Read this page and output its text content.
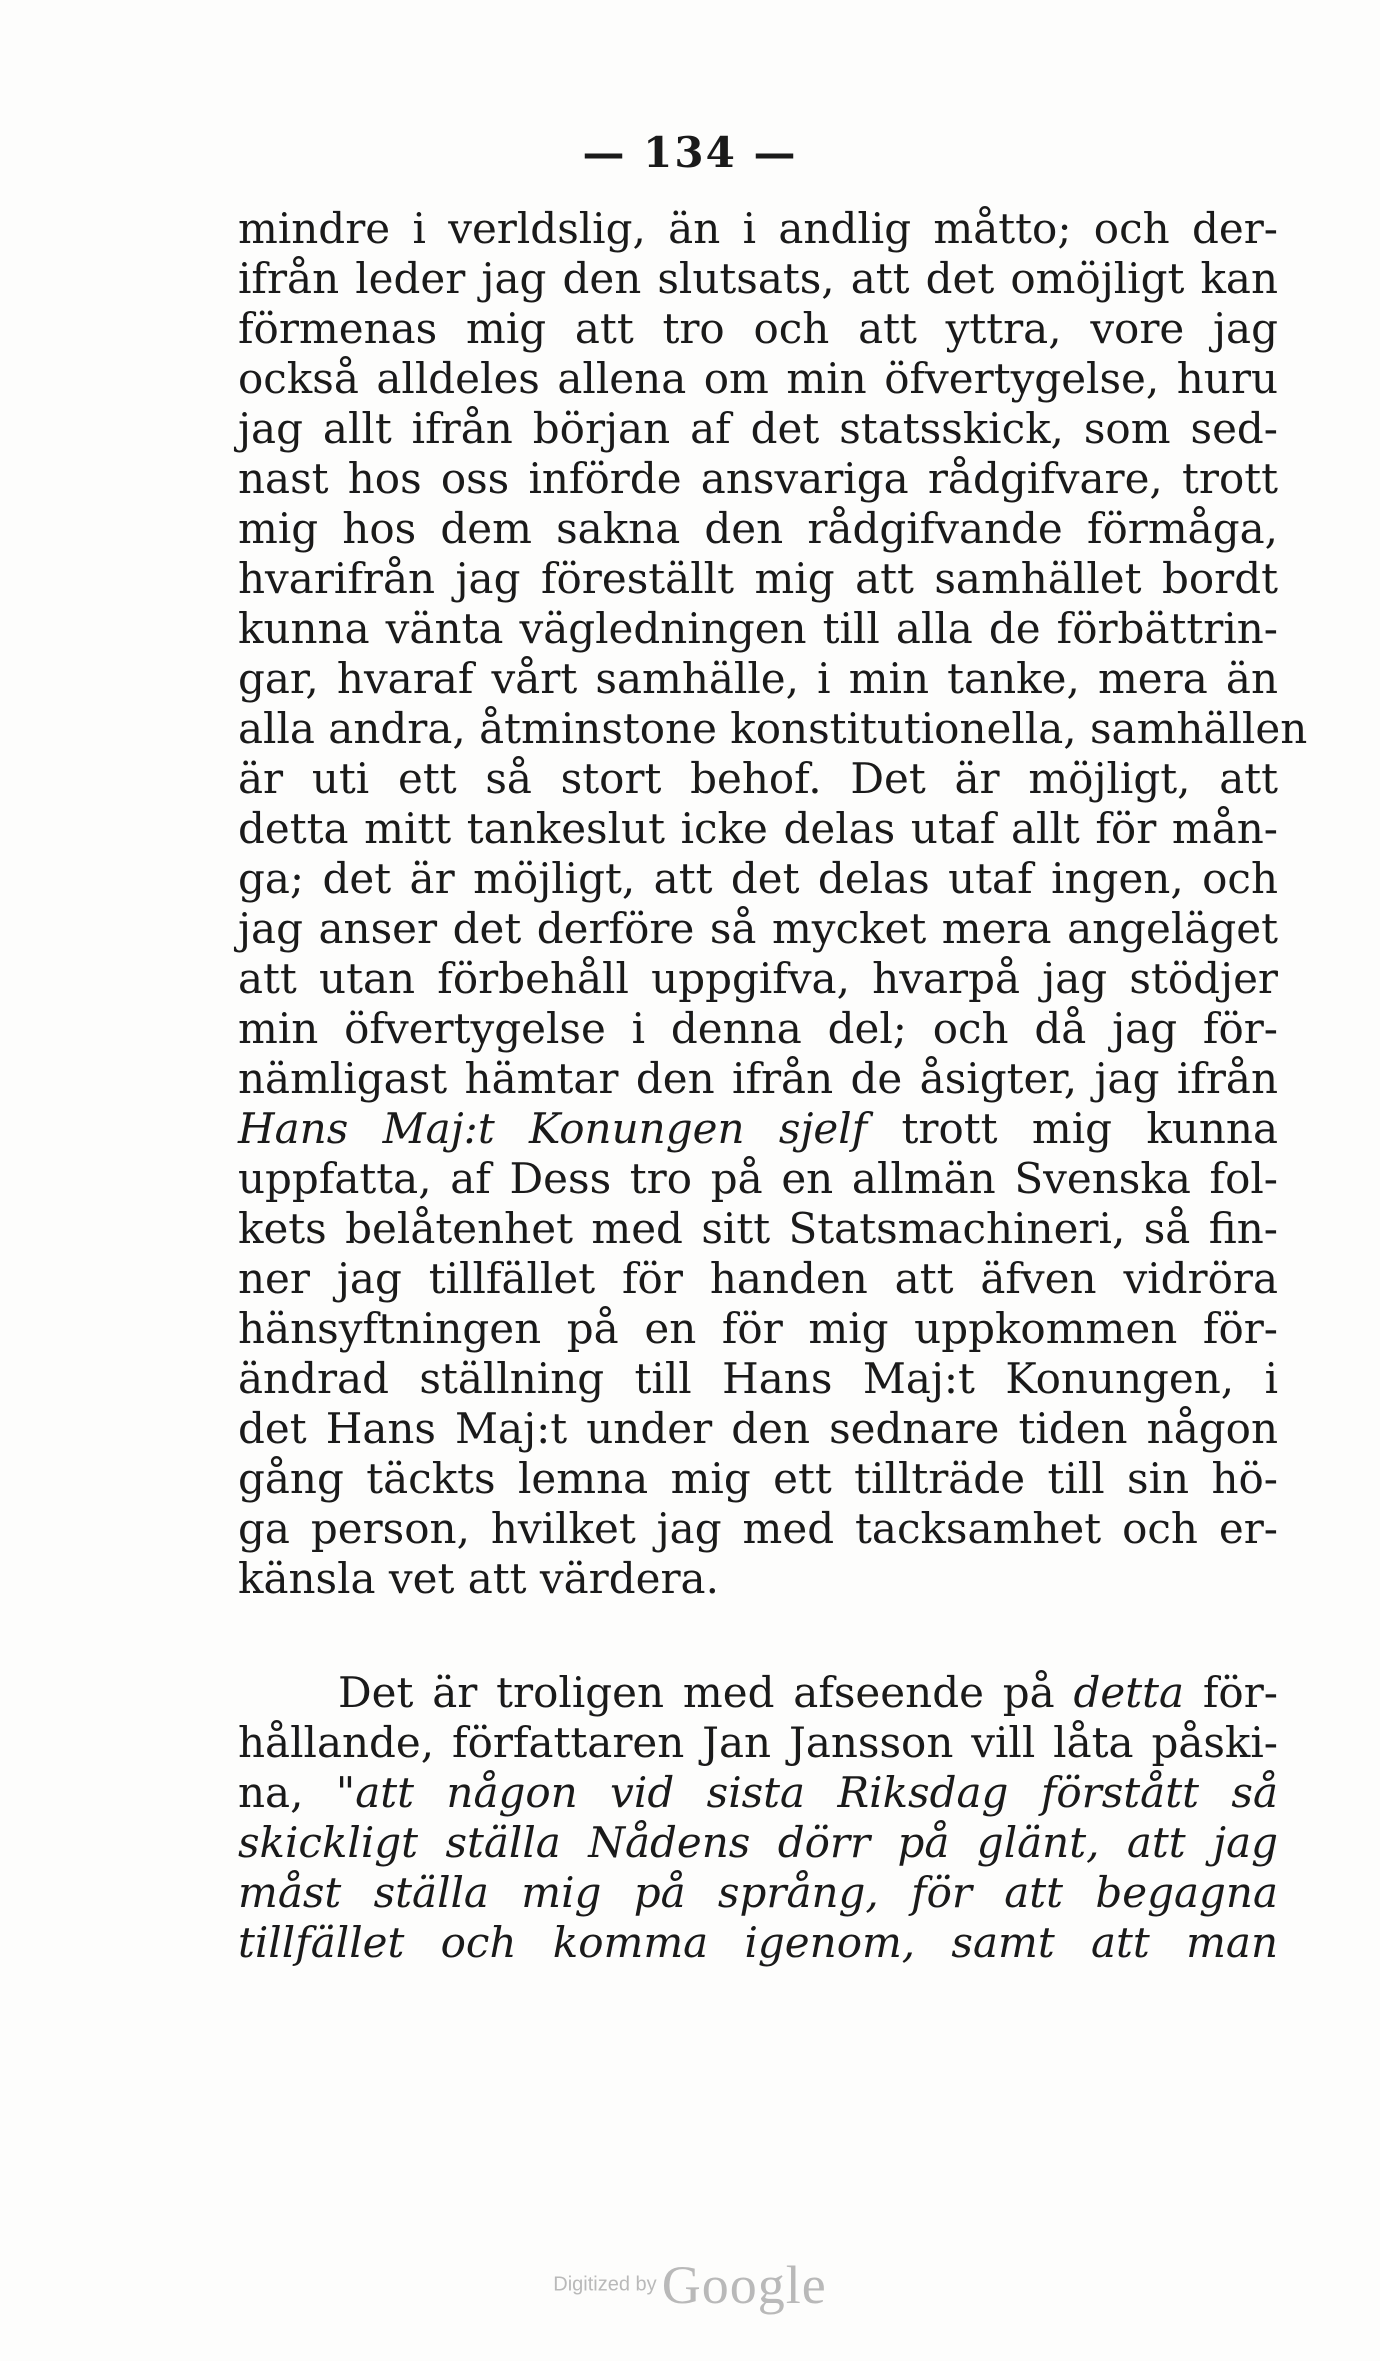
— 134 —
mindre i verldslig, än i andlig måtto; och der-
ifrån leder jag den slutsats, att det omöjligt kan
förmenas mig att tro och att yttra, vore jag
också alldeles allena om min öfvertygelse, huru
jag allt ifrån början af det statsskick, som sed-
nast hos oss införde ansvariga rådgifvare, trott
mig hos dem sakna den rådgifvande förmåga,
hvarifrån jag föreställt mig att samhället bordt
kunna vänta vägledningen till alla de förbättrin-
gar, hvaraf vårt samhälle, i min tanke, mera än
alla andra, åtminstone konstitutionella, samhällen
är uti ett så stort behof. Det är möjligt, att
detta mitt tankeslut icke delas utaf allt för mån-
ga; det är möjligt, att det delas utaf ingen, och
jag anser det derföre så mycket mera angeläget
att utan förbehåll uppgifva, hvarpå jag stödjer
min öfvertygelse i denna del; och då jag för-
nämligast hämtar den ifrån de åsigter, jag ifrån
Hans Maj:t Konungen sjelf trott mig kunna
uppfatta, af Dess tro på en allmän Svenska fol-
kets belåtenhet med sitt Statsmachineri, så fin-
ner jag tillfället för handen att äfven vidröra
hänsyftningen på en för mig uppkommen för-
ändrad ställning till Hans Maj:t Konungen, i
det Hans Maj:t under den sednare tiden någon
gång täckts lemna mig ett tillträde till sin hö-
ga person, hvilket jag med tacksamhet och er-
känsla vet att värdera.
Det är troligen med afseende på detta för-
hållande, författaren Jan Jansson vill låta påski-
na, "att någon vid sista Riksdag förstått så
skickligt ställa Nådens dörr på glänt, att jag
måst ställa mig på språng, för att begagna
tillfället och komma igenom, samt att man
Digitized by Google
